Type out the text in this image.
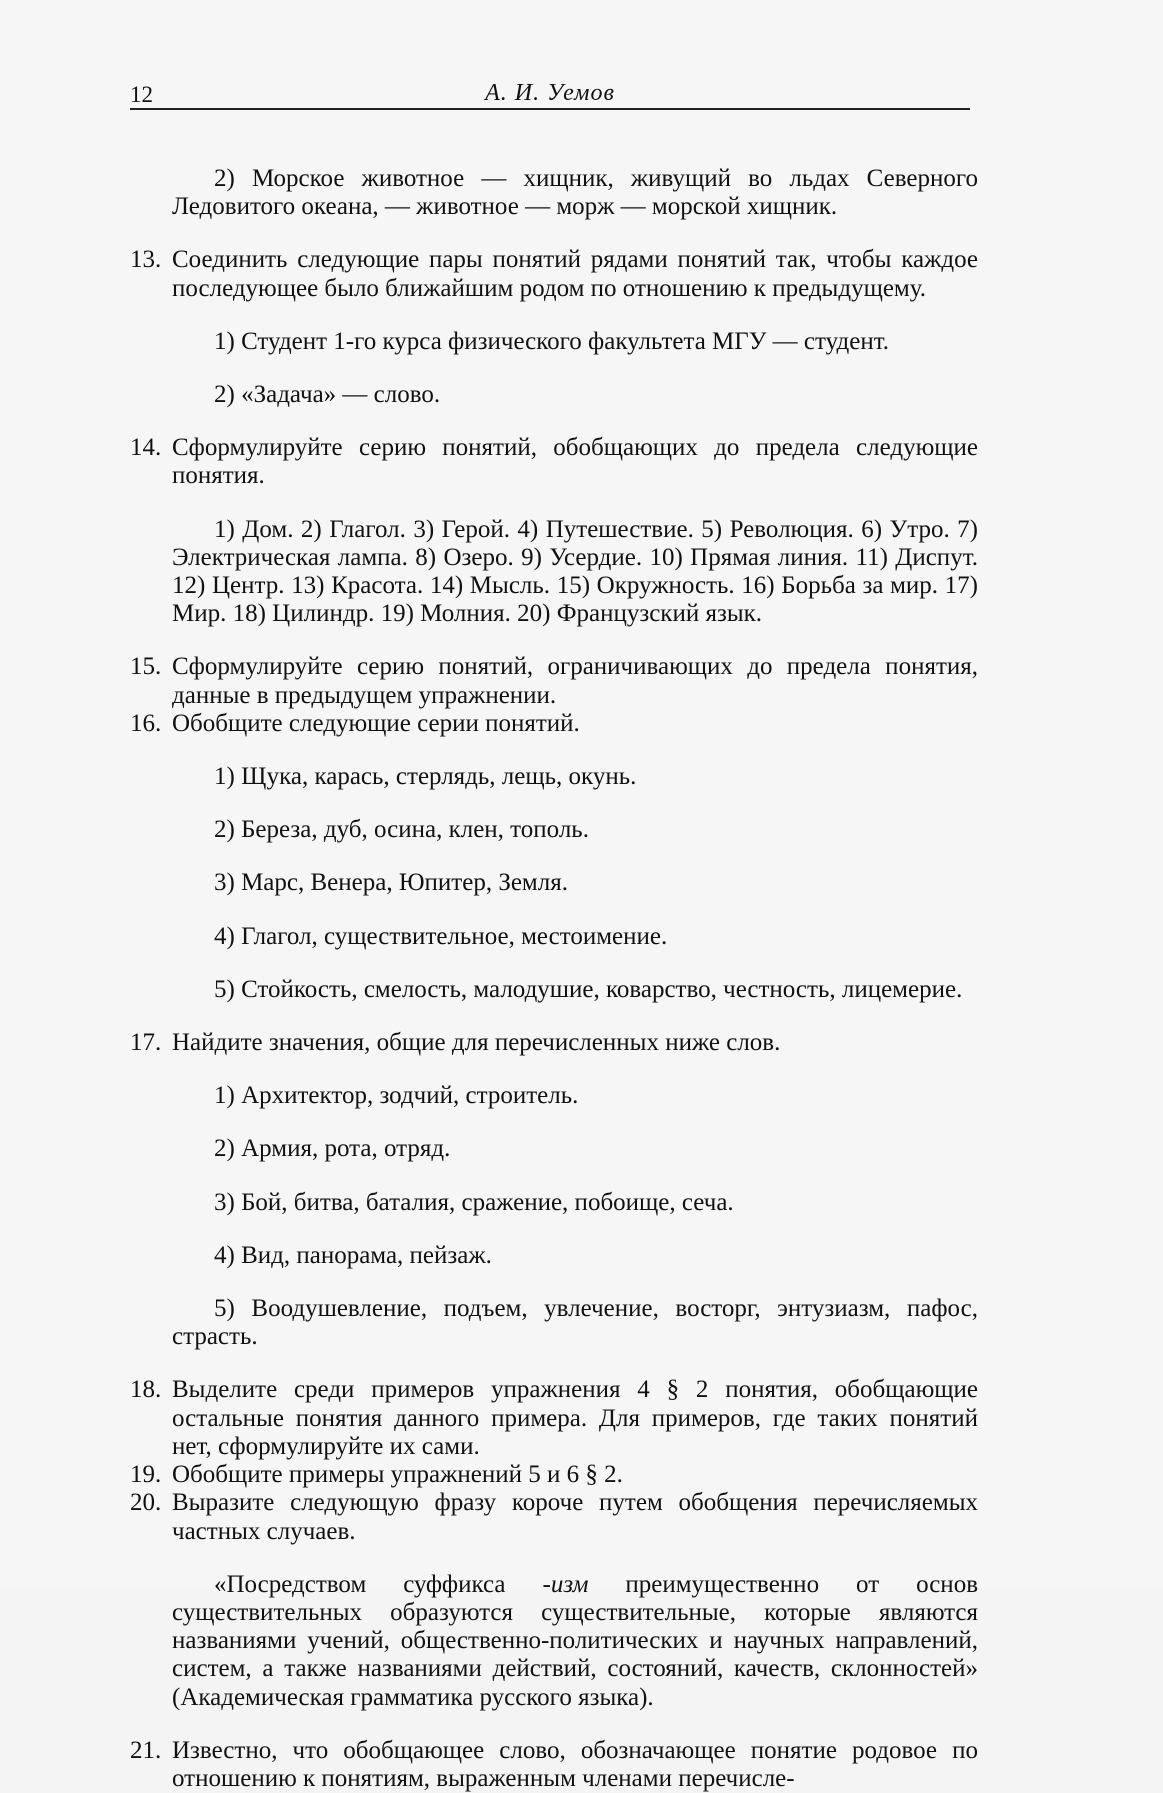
12	А. И. Уемов

2) Морское животное — хищник, живущий во льдах Северного Ледовитого океана, — животное — морж — морской хищник.

13. Соединить следующие пары понятий рядами понятий так, чтобы каждое последующее было ближайшим родом по отношению к предыдущему.

1) Студент 1-го курса физического факультета МГУ — студент.

2) «Задача» — слово.

14. Сформулируйте серию понятий, обобщающих до предела следующие понятия.

1) Дом. 2) Глагол. 3) Герой. 4) Путешествие. 5) Революция. 6) Утро. 7) Электрическая лампа. 8) Озеро. 9) Усердие. 10) Прямая линия. 11) Диспут. 12) Центр. 13) Красота. 14) Мысль. 15) Окружность. 16) Борьба за мир. 17) Мир. 18) Цилиндр. 19) Молния. 20) Французский язык.

15. Сформулируйте серию понятий, ограничивающих до предела понятия, данные в предыдущем упражнении.
16. Обобщите следующие серии понятий.

1) Щука, карась, стерлядь, лещь, окунь.

2) Береза, дуб, осина, клен, тополь.

3) Марс, Венера, Юпитер, Земля.

4) Глагол, существительное, местоимение.

5) Стойкость, смелость, малодушие, коварство, честность, лицемерие.

17. Найдите значения, общие для перечисленных ниже слов.

1) Архитектор, зодчий, строитель.

2) Армия, рота, отряд.

3) Бой, битва, баталия, сражение, побоище, сеча.

4) Вид, панорама, пейзаж.

5) Воодушевление, подъем, увлечение, восторг, энтузиазм, пафос, страсть.

18. Выделите среди примеров упражнения 4 § 2 понятия, обобщающие остальные понятия данного примера. Для примеров, где таких понятий нет, сформулируйте их сами.
19. Обобщите примеры упражнений 5 и 6 § 2.
20. Выразите следующую фразу короче путем обобщения перечисляемых частных случаев.

«Посредством суффикса -изм преимущественно от основ существительных образуются существительные, которые являются названиями учений, общественно-политических и научных направлений, систем, а также названиями действий, состояний, качеств, склонностей» (Академическая грамматика русского языка).

21. Известно, что обобщающее слово, обозначающее понятие родовое по отношению к понятиям, выраженным членами перечисле-
